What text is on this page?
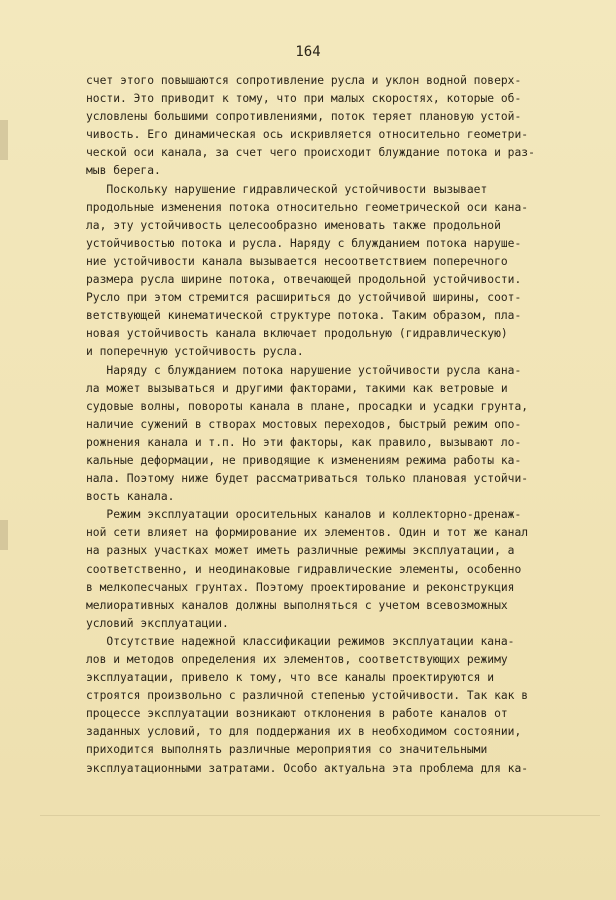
164
счет этого повышаются сопротивление русла и уклон водной поверх-
ности. Это приводит к тому, что при малых скоростях, которые об-
условлены большими сопротивлениями, поток теряет плановую устой-
чивость. Его динамическая ось искривляется относительно геометри-
ческой оси канала, за счет чего происходит блуждание потока и раз-
мыв берега.
Поскольку нарушение гидравлической устойчивости вызывает
продольные изменения потока относительно геометрической оси кана-
ла, эту устойчивость целесообразно именовать также продольной
устойчивостью потока и русла. Наряду с блужданием потока наруше-
ние устойчивости канала вызывается несоответствием поперечного
размера русла ширине потока, отвечающей продольной устойчивости.
Русло при этом стремится расшириться до устойчивой ширины, соот-
ветствующей кинематической структуре потока. Таким образом, пла-
новая устойчивость канала включает продольную (гидравлическую)
и поперечную устойчивость русла.
Наряду с блужданием потока нарушение устойчивости русла кана-
ла может вызываться и другими факторами, такими как ветровые и
судовые волны, повороты канала в плане, просадки и усадки грунта,
наличие сужений в створах мостовых переходов, быстрый режим опо-
рожнения канала и т.п. Но эти факторы, как правило, вызывают ло-
кальные деформации, не приводящие к изменениям режима работы ка-
нала. Поэтому ниже будет рассматриваться только плановая устойчи-
вость канала.
Режим эксплуатации оросительных каналов и коллекторно-дренаж-
ной сети влияет на формирование их элементов. Один и тот же канал
на разных участках может иметь различные режимы эксплуатации, а
соответственно, и неодинаковые гидравлические элементы, особенно
в мелкопесчаных грунтах. Поэтому проектирование и реконструкция
мелиоративных каналов должны выполняться с учетом всевозможных
условий эксплуатации.
Отсутствие надежной классификации режимов эксплуатации кана-
лов и методов определения их элементов, соответствующих режиму
эксплуатации, привело к тому, что все каналы проектируются и
строятся произвольно с различной степенью устойчивости. Так как в
процессе эксплуатации возникают отклонения в работе каналов от
заданных условий, то для поддержания их в необходимом состоянии,
приходится выполнять различные мероприятия со значительными
эксплуатационными затратами. Особо актуальна эта проблема для ка-
